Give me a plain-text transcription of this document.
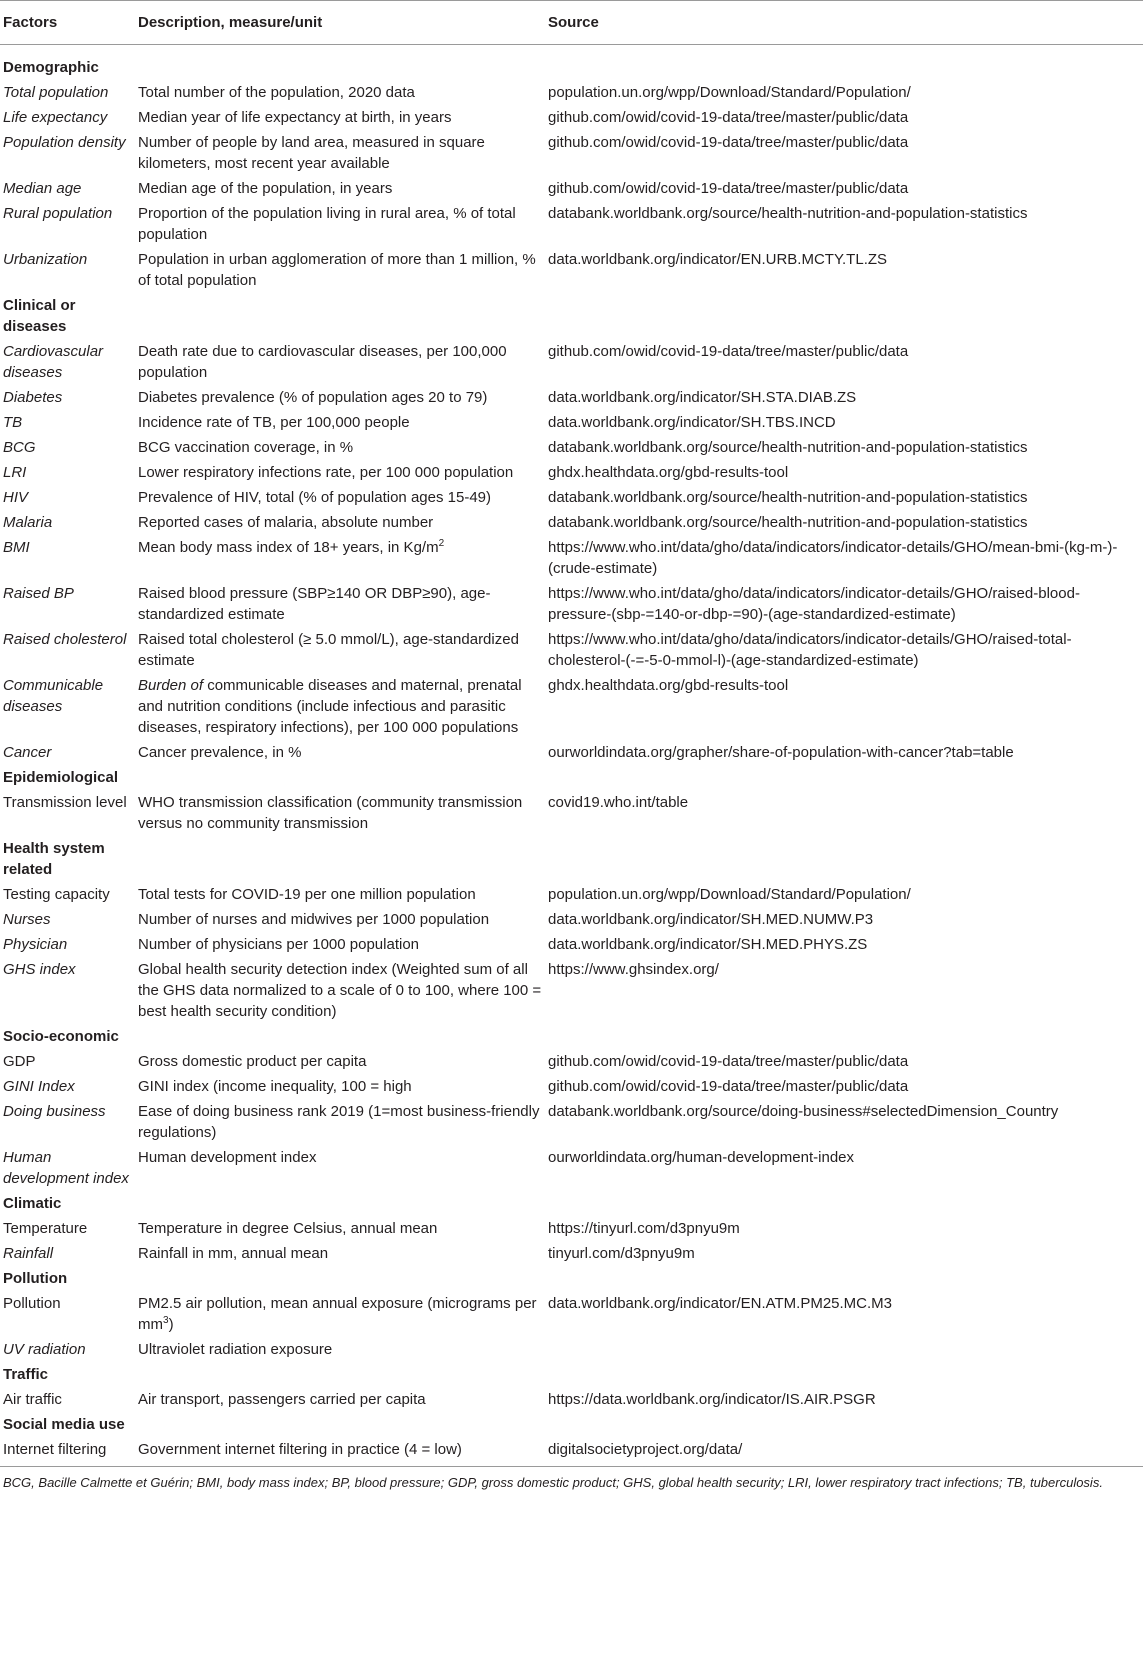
Factors	Description, measure/unit	Source
Demographic		
Total population	Total number of the population, 2020 data	population.un.org/wpp/Download/Standard/Population/
Life expectancy	Median year of life expectancy at birth, in years	github.com/owid/covid-19-data/tree/master/public/data
Population density	Number of people by land area, measured in square kilometers, most recent year available	github.com/owid/covid-19-data/tree/master/public/data
Median age	Median age of the population, in years	github.com/owid/covid-19-data/tree/master/public/data
Rural population	Proportion of the population living in rural area, % of total population	databank.worldbank.org/source/health-nutrition-and-population-statistics
Urbanization	Population in urban agglomeration of more than 1 million, % of total population	data.worldbank.org/indicator/EN.URB.MCTY.TL.ZS
Clinical or diseases		
Cardiovascular diseases	Death rate due to cardiovascular diseases, per 100,000 population	github.com/owid/covid-19-data/tree/master/public/data
Diabetes	Diabetes prevalence (% of population ages 20 to 79)	data.worldbank.org/indicator/SH.STA.DIAB.ZS
TB	Incidence rate of TB, per 100,000 people	data.worldbank.org/indicator/SH.TBS.INCD
BCG	BCG vaccination coverage, in %	databank.worldbank.org/source/health-nutrition-and-population-statistics
LRI	Lower respiratory infections rate, per 100 000 population	ghdx.healthdata.org/gbd-results-tool
HIV	Prevalence of HIV, total (% of population ages 15-49)	databank.worldbank.org/source/health-nutrition-and-population-statistics
Malaria	Reported cases of malaria, absolute number	databank.worldbank.org/source/health-nutrition-and-population-statistics
BMI	Mean body mass index of 18+ years, in $Kg/m^2$	https://www.who.int/data/gho/data/indicators/indicator-details/GHO/mean-bmi-(kg-m-)-(crude-estimate)
Raised BP	Raised blood pressure (SBP≥140 OR DBP≥90), age-standardized estimate	https://www.who.int/data/gho/data/indicators/indicator-details/GHO/raised-blood-pressure-(sbp-=140-or-dbp-=90)-(age-standardized-estimate)
Raised cholesterol	Raised total cholesterol (≥ 5.0 mmol/L), age-standardized estimate	https://www.who.int/data/gho/data/indicators/indicator-details/GHO/raised-total-cholesterol-(-=-5-0-mmol-l)-(age-standardized-estimate)
Communicable diseases	Burden of communicable diseases and maternal, prenatal and nutrition conditions (include infectious and parasitic diseases, respiratory infections), per 100 000 populations	ghdx.healthdata.org/gbd-results-tool
Cancer	Cancer prevalence, in %	ourworldindata.org/grapher/share-of-population-with-cancer?tab=table
Epidemiological		
Transmission level	WHO transmission classification (community transmission versus no community transmission	covid19.who.int/table
Health system related		
Testing capacity	Total tests for COVID-19 per one million population	population.un.org/wpp/Download/Standard/Population/
Nurses	Number of nurses and midwives per 1000 population	data.worldbank.org/indicator/SH.MED.NUMW.P3
Physician	Number of physicians per 1000 population	data.worldbank.org/indicator/SH.MED.PHYS.ZS
GHS index	Global health security detection index (Weighted sum of all the GHS data normalized to a scale of 0 to 100, where 100 = best health security condition)	https://www.ghsindex.org/
Socio-economic		
GDP	Gross domestic product per capita	github.com/owid/covid-19-data/tree/master/public/data
GINI Index	GINI index (income inequality, 100 = high	github.com/owid/covid-19-data/tree/master/public/data
Doing business	Ease of doing business rank 2019 (1=most business-friendly regulations)	databank.worldbank.org/source/doing-business#selectedDimension_Country
Human development index	Human development index	ourworldindata.org/human-development-index
Climatic		
Temperature	Temperature in degree Celsius, annual mean	https://tinyurl.com/d3pnyu9m
Rainfall	Rainfall in mm, annual mean	tinyurl.com/d3pnyu9m
Pollution		
Pollution	PM2.5 air pollution, mean annual exposure (micrograms per $mm^3$)	data.worldbank.org/indicator/EN.ATM.PM25.MC.M3
UV radiation	Ultraviolet radiation exposure	
Traffic		
Air traffic	Air transport, passengers carried per capita	https://data.worldbank.org/indicator/IS.AIR.PSGR
Social media use		
Internet filtering	Government internet filtering in practice (4 = low)	digitalsocietyproject.org/data/

BCG, Bacille Calmette et Guérin; BMI, body mass index; BP, blood pressure; GDP, gross domestic product; GHS, global health security; LRI, lower respiratory tract infections; TB, tuberculosis.
